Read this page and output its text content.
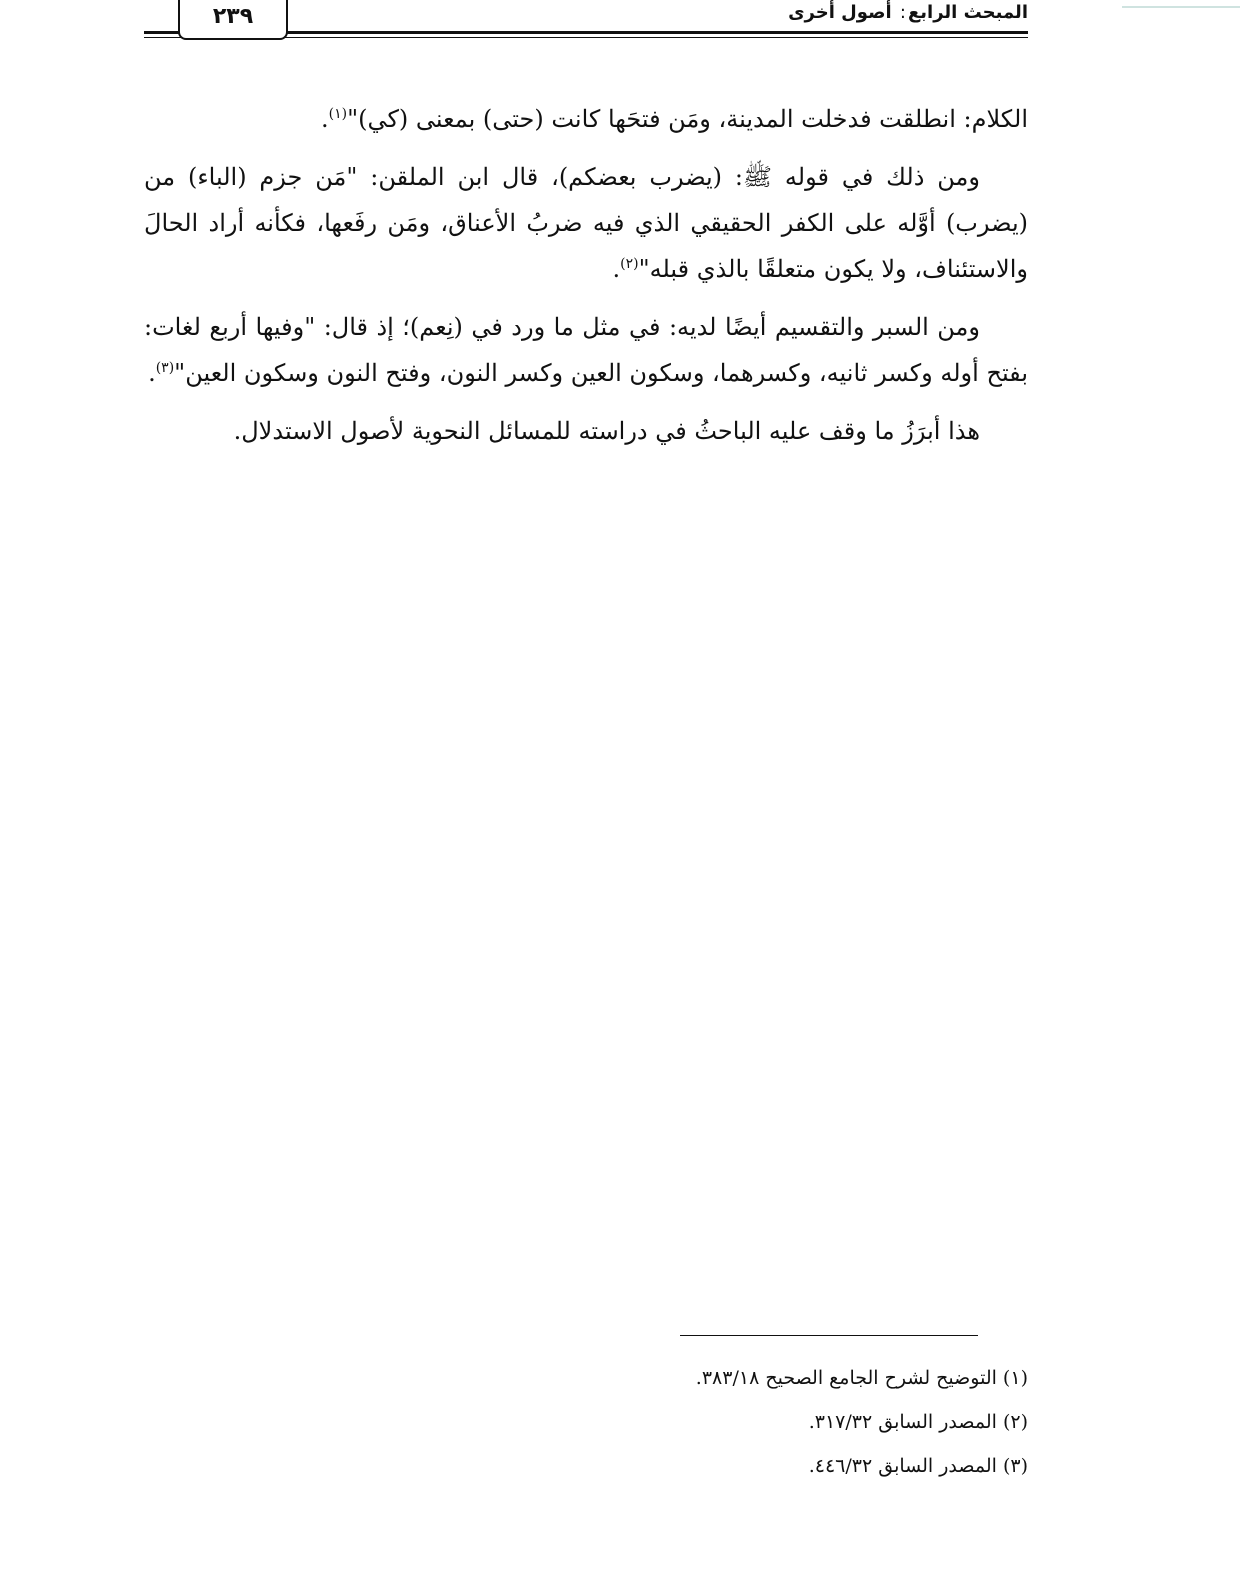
٢٣٩	المبحث الرابع: أصول أخرى

الكلام: انطلقت فدخلت المدينة، ومَن فتحَها كانت (حتى) بمعنى (كي)"$^{(١)}$.

ومن ذلك في قوله ﷺ: (يضرب بعضكم)، قال ابن الملقن: "مَن جزم (الباء) من (يضرب) أوَّله على الكفر الحقيقي الذي فيه ضربُ الأعناق، ومَن رفَعها، فكأنه أراد الحالَ والاستئناف، ولا يكون متعلقًا بالذي قبله"$^{(٢)}$.

ومن السبر والتقسيم أيضًا لديه: في مثل ما ورد في (نِعم)؛ إذ قال: "وفيها أربع لغات: بفتح أوله وكسر ثانيه، وكسرهما، وسكون العين وكسر النون، وفتح النون وسكون العين"$^{(٣)}$.

هذا أبرَزُ ما وقف عليه الباحثُ في دراسته للمسائل النحوية لأصول الاستدلال.

(١) التوضيح لشرح الجامع الصحيح ٣٨٣/١٨.

(٢) المصدر السابق ٣١٧/٣٢.

(٣) المصدر السابق ٤٤٦/٣٢.
